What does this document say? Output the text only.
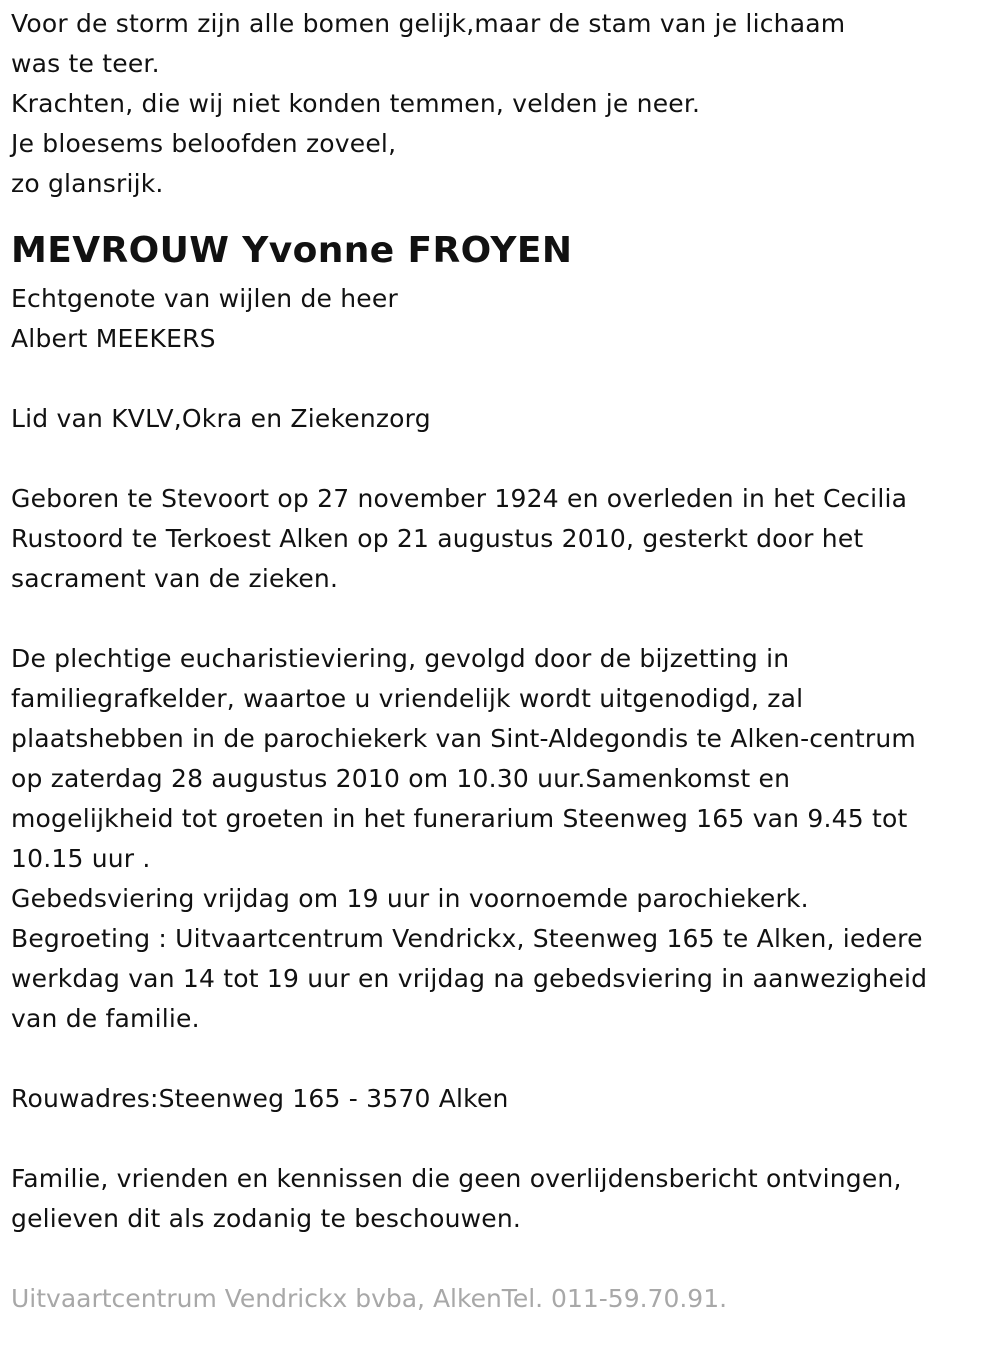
Voor de storm zijn alle bomen gelijk,maar de stam van je lichaam
was te teer.
Krachten, die wij niet konden temmen, velden je neer.
Je bloesems beloofden zoveel,
zo glansrijk.
MEVROUW Yvonne FROYEN
Echtgenote van wijlen de heer
Albert MEEKERS
Lid van KVLV,Okra en Ziekenzorg
Geboren te Stevoort op 27 november 1924 en overleden in het Cecilia
Rustoord te Terkoest Alken op 21 augustus 2010, gesterkt door het
sacrament van de zieken.
De plechtige eucharistieviering, gevolgd door de bijzetting in
familiegrafkelder, waartoe u vriendelijk wordt uitgenodigd, zal
plaatshebben in de parochiekerk van Sint-Aldegondis te Alken-centrum
op zaterdag 28 augustus 2010 om 10.30 uur.Samenkomst en
mogelijkheid tot groeten in het funerarium Steenweg 165 van 9.45 tot
10.15 uur .
Gebedsviering vrijdag om 19 uur in voornoemde parochiekerk.
Begroeting : Uitvaartcentrum Vendrickx, Steenweg 165 te Alken, iedere
werkdag van 14 tot 19 uur en vrijdag na gebedsviering in aanwezigheid
van de familie.
Rouwadres:Steenweg 165 - 3570 Alken
Familie, vrienden en kennissen die geen overlijdensbericht ontvingen,
gelieven dit als zodanig te beschouwen.
Uitvaartcentrum Vendrickx bvba, AlkenTel. 011-59.70.91.
